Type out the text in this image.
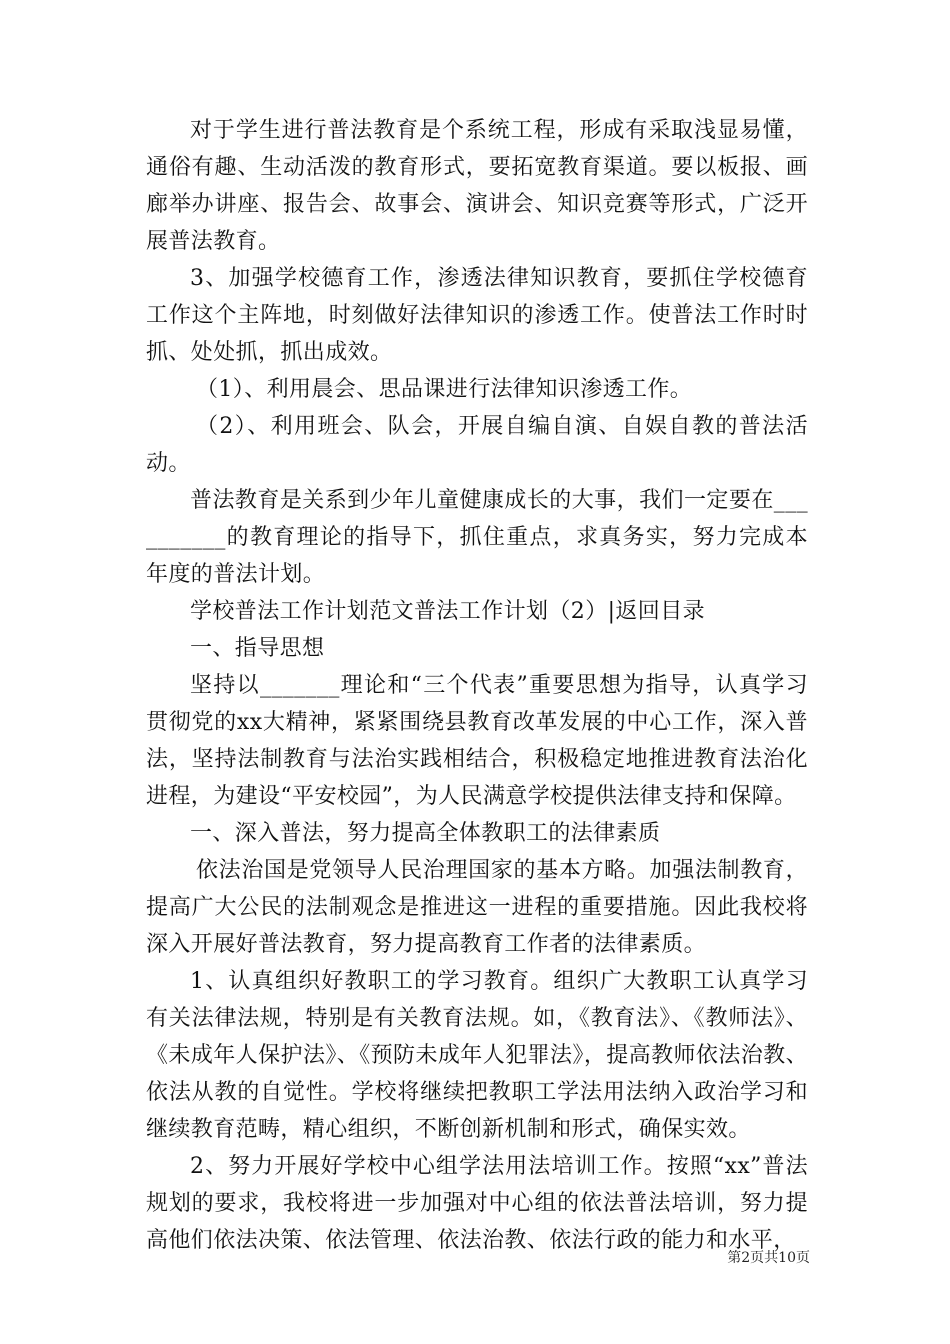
对于学生进行普法教育是个系统工程，形成有采取浅显易懂，通俗有趣、生动活泼的教育形式，要拓宽教育渠道。要以板报、画廊举办讲座、报告会、故事会、演讲会、知识竞赛等形式，广泛开展普法教育。

3、加强学校德育工作，渗透法律知识教育，要抓住学校德育工作这个主阵地，时刻做好法律知识的渗透工作。使普法工作时时抓、处处抓，抓出成效。

（1）、利用晨会、思品课进行法律知识渗透工作。

（2）、利用班会、队会，开展自编自演、自娱自教的普法活动。

普法教育是关系到少年儿童健康成长的大事，我们一定要在__________的教育理论的指导下，抓住重点，求真务实，努力完成本年度的普法计划。

学校普法工作计划范文普法工作计划（2）|返回目录

一、指导思想

坚持以_______理论和“三个代表”重要思想为指导，认真学习贯彻党的xx大精神，紧紧围绕县教育改革发展的中心工作，深入普法，坚持法制教育与法治实践相结合，积极稳定地推进教育法治化进程，为建设“平安校园”，为人民满意学校提供法律支持和保障。

一、深入普法，努力提高全体教职工的法律素质

依法治国是党领导人民治理国家的基本方略。加强法制教育，提高广大公民的法制观念是推进这一进程的重要措施。因此我校将深入开展好普法教育，努力提高教育工作者的法律素质。

1、认真组织好教职工的学习教育。组织广大教职工认真学习有关法律法规，特别是有关教育法规。如，《教育法》、《教师法》、《未成年人保护法》、《预防未成年人犯罪法》，提高教师依法治教、依法从教的自觉性。学校将继续把教职工学法用法纳入政治学习和继续教育范畴，精心组织，不断创新机制和形式，确保实效。

2、努力开展好学校中心组学法用法培训工作。按照“xx”普法规划的要求，我校将进一步加强对中心组的依法普法培训，努力提高他们依法决策、依法管理、依法治教、依法行政的能力和水平，

第2页共10页
